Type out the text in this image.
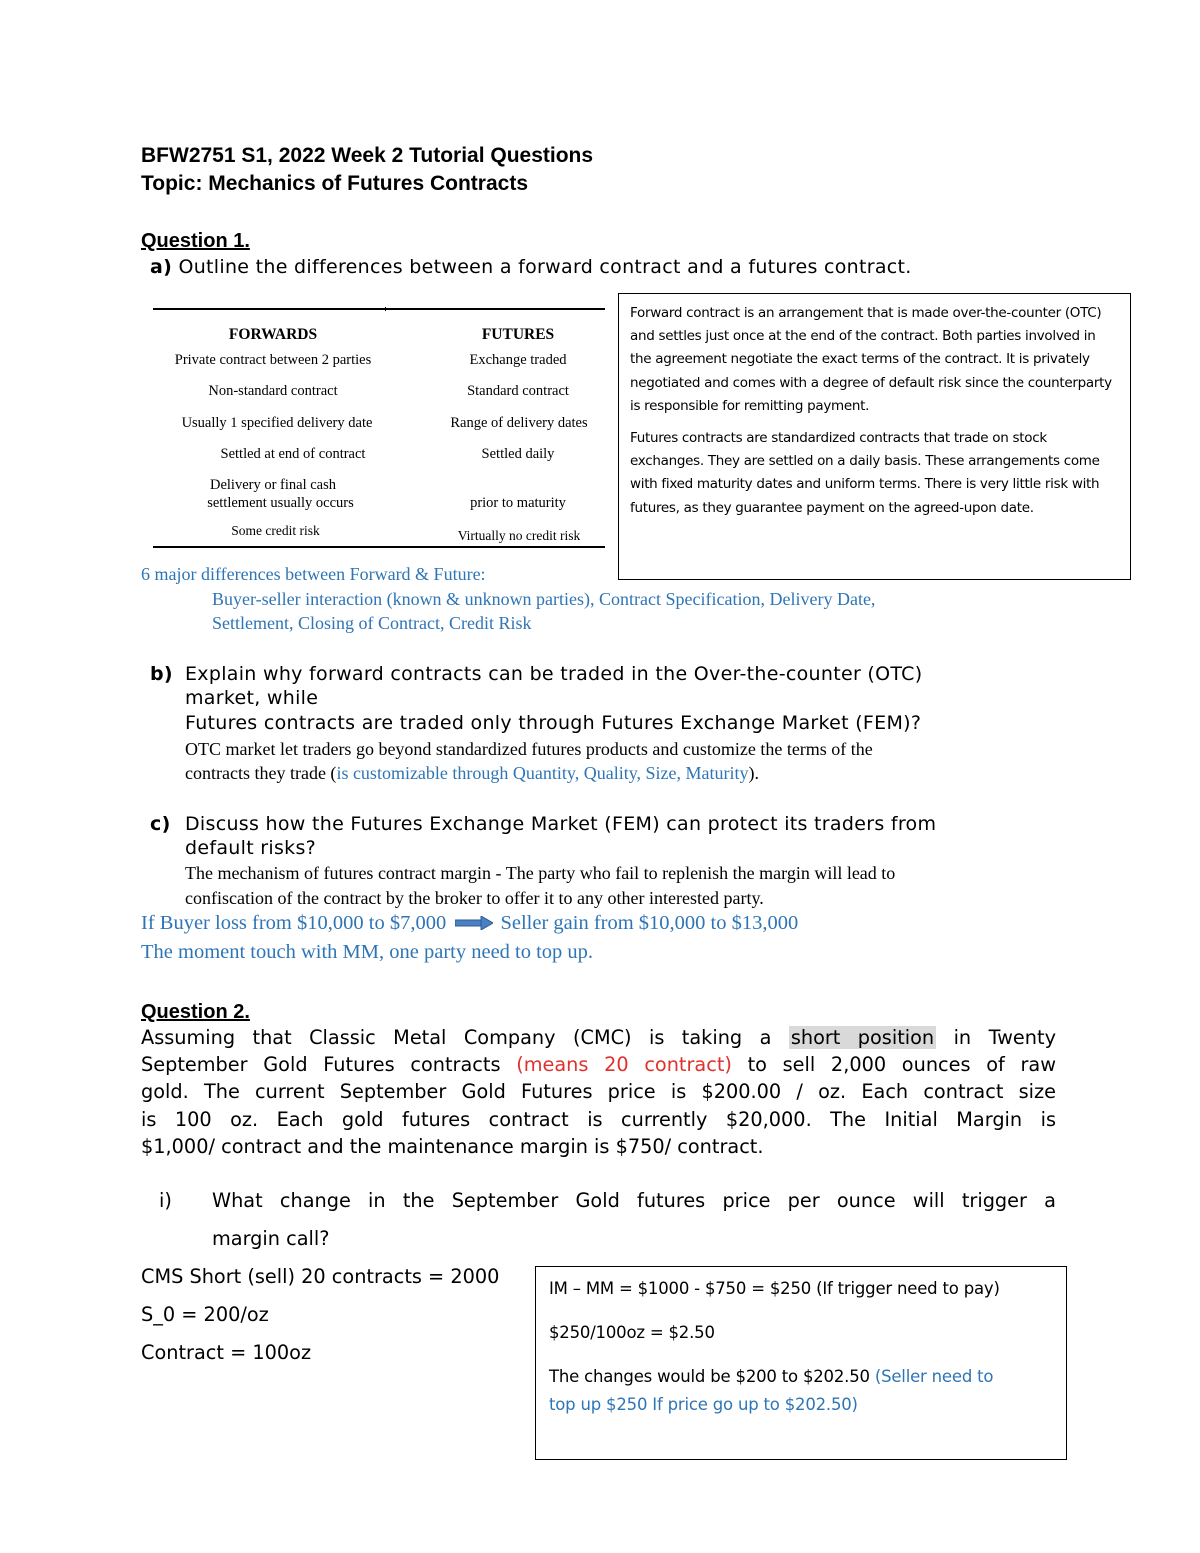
BFW2751 S1, 2022 Week 2 Tutorial Questions
Topic: Mechanics of Futures Contracts
Question 1.
a) Outline the differences between a forward contract and a futures contract.
FORWARDS	FUTURES
Private contract between 2 parties	Exchange traded
Non-standard contract	Standard contract
Usually 1 specified delivery date	Range of delivery dates
Settled at end of contract	Settled daily
Delivery or final cash
settlement usually occurs	prior to maturity
Some credit risk	Virtually no credit risk

Forward contract is an arrangement that is made over-the-counter (OTC) and settles just once at the end of the contract. Both parties involved in the agreement negotiate the exact terms of the contract. It is privately negotiated and comes with a degree of default risk since the counterparty is responsible for remitting payment.

Futures contracts are standardized contracts that trade on stock exchanges. They are settled on a daily basis. These arrangements come with fixed maturity dates and uniform terms. There is very little risk with futures, as they guarantee payment on the agreed-upon date.

6 major differences between Forward & Future:
Buyer-seller interaction (known & unknown parties), Contract Specification, Delivery Date,
Settlement, Closing of Contract, Credit Risk
b) Explain why forward contracts can be traded in the Over-the-counter (OTC)
market, while
Futures contracts are traded only through Futures Exchange Market (FEM)?
OTC market let traders go beyond standardized futures products and customize the terms of the
contracts they trade (is customizable through Quantity, Quality, Size, Maturity).
c) Discuss how the Futures Exchange Market (FEM) can protect its traders from
default risks?
The mechanism of futures contract margin - The party who fail to replenish the margin will lead to
confiscation of the contract by the broker to offer it to any other interested party.
If Buyer loss from $10,000 to $7,000	Seller gain from $10,000 to $13,000
The moment touch with MM, one party need to top up.
Question 2.
Assuming that Classic Metal Company (CMC) is taking a short position in Twenty
September Gold Futures contracts (means 20 contract) to sell 2,000 ounces of raw
gold. The current September Gold Futures price is $200.00 / oz. Each contract size
is 100 oz. Each gold futures contract is currently $20,000. The Initial Margin is
$1,000/ contract and the maintenance margin is $750/ contract.
i) What change in the September Gold futures price per ounce will trigger a
margin call?
CMS Short (sell) 20 contracts = 2000
S_0 = 200/oz
Contract = 100oz

IM – MM = $1000 - $750 = $250 (If trigger need to pay)

$250/100oz = $2.50

The changes would be $200 to $202.50 (Seller need to
top up $250 If price go up to $202.50)
